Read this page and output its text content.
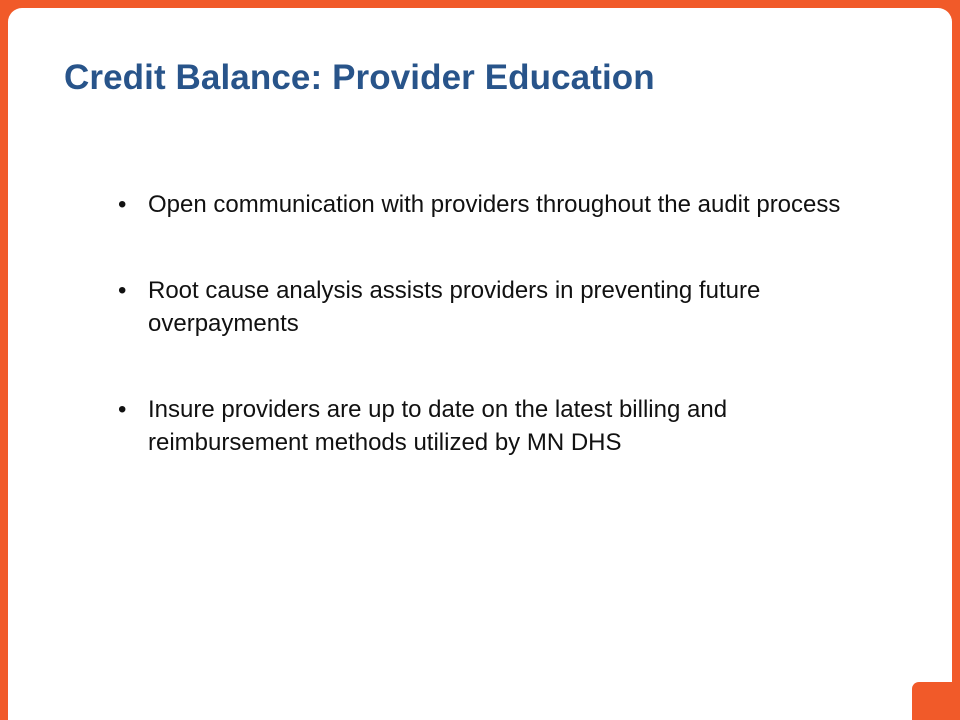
Credit Balance: Provider Education
• Open communication with providers throughout the audit process
• Root cause analysis assists providers in preventing future overpayments
• Insure providers are up to date on the latest billing and reimbursement methods utilized by MN DHS
